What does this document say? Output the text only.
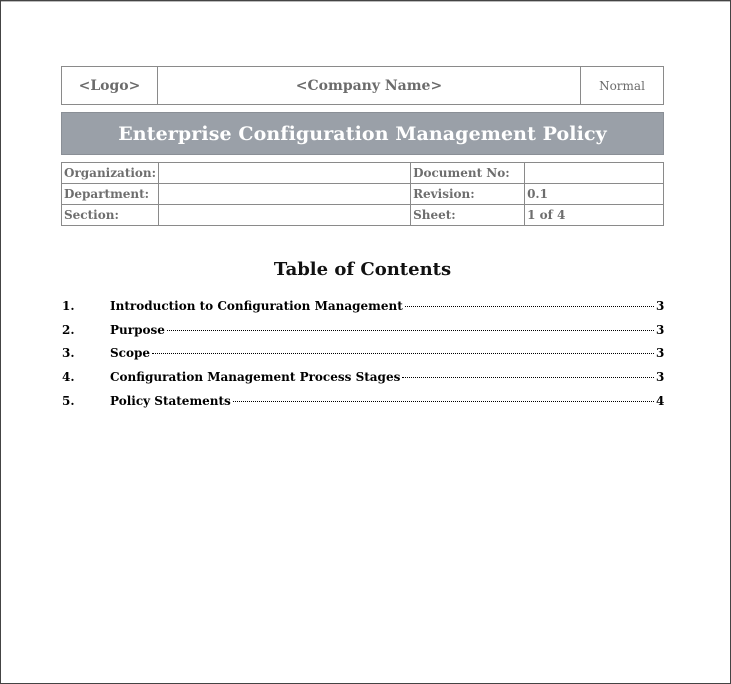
<Logo>	<Company Name>	Normal
Enterprise Configuration Management Policy
Organization:		Document No:	
Department:		Revision:	0.1
Section:		Sheet:	1 of 4
Table of Contents
1.	Introduction to Configuration Management	3
2.	Purpose	3
3.	Scope	3
4.	Configuration Management Process Stages	3
5.	Policy Statements	4
